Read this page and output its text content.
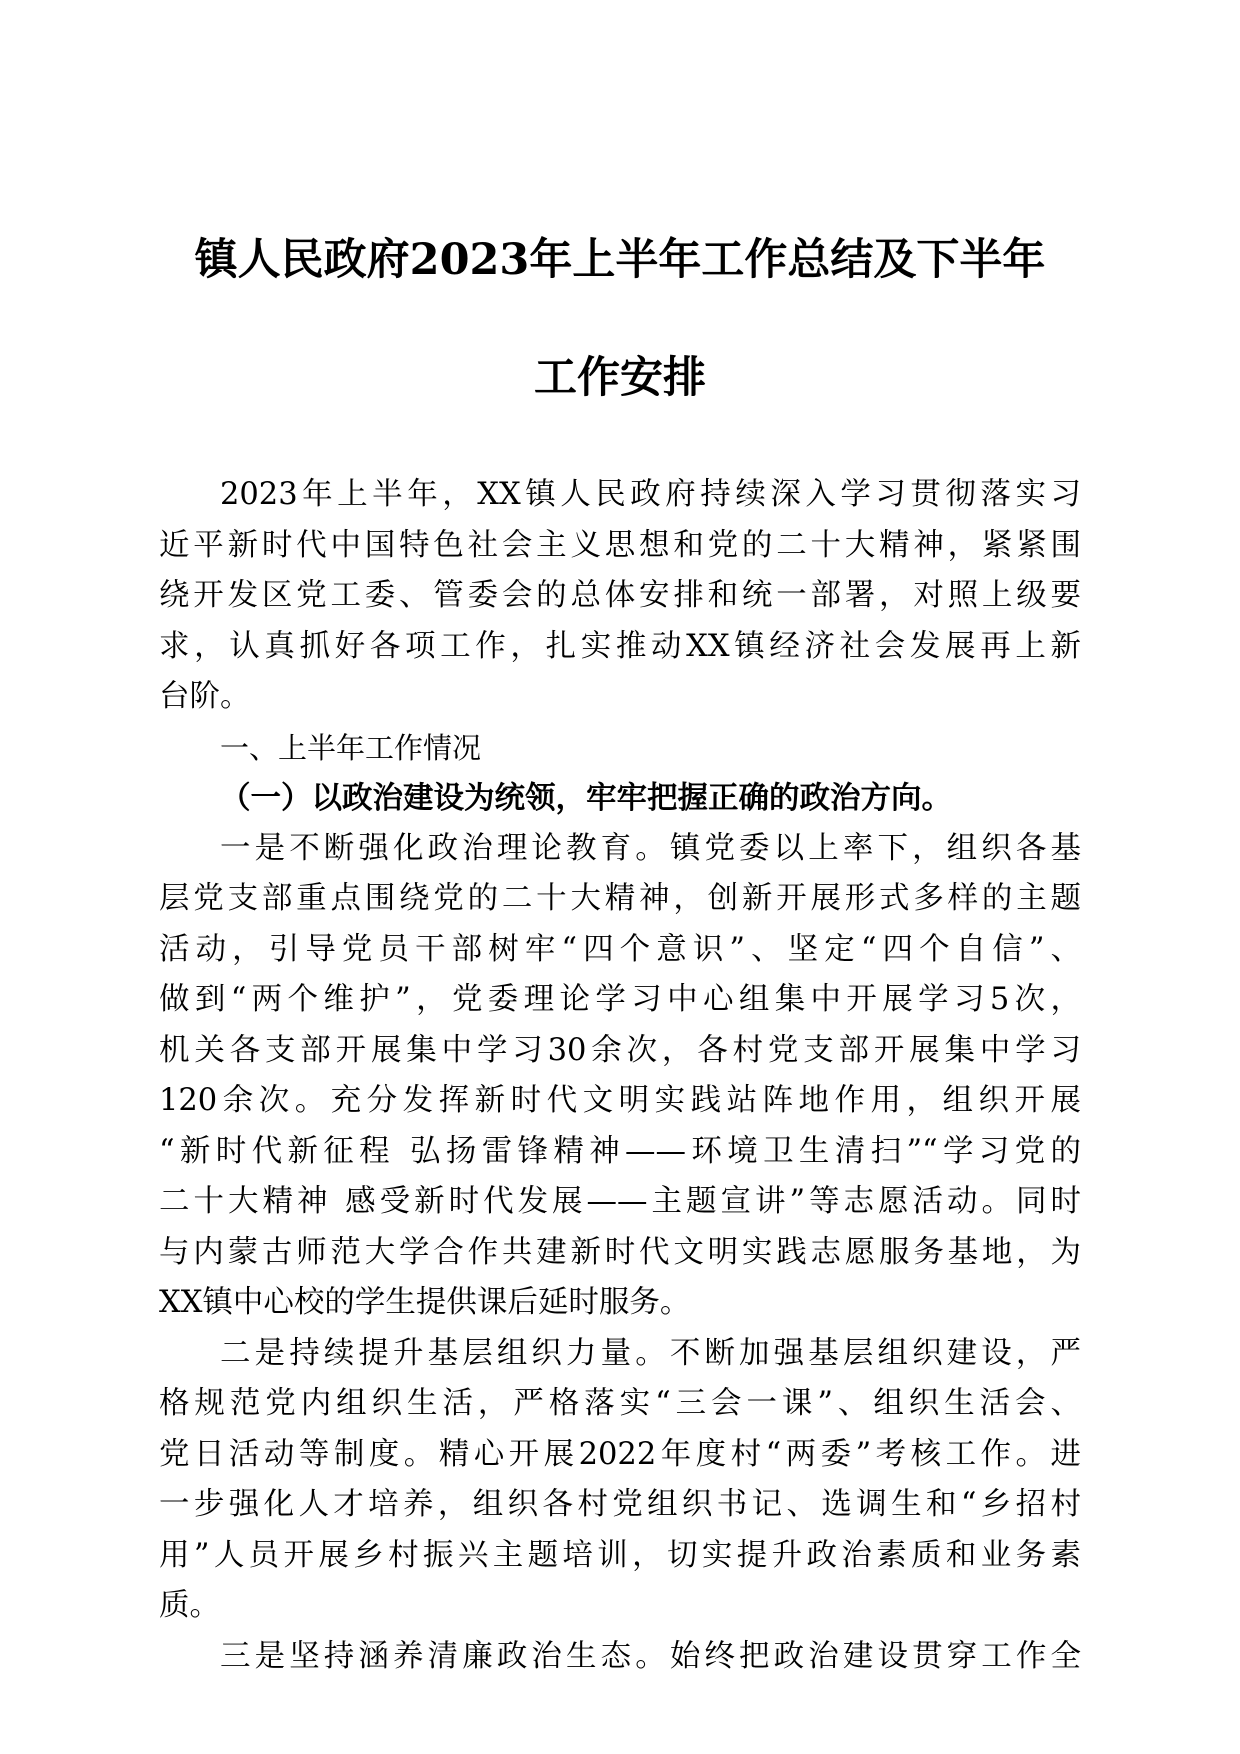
镇人民政府2023年上半年工作总结及下半年
工作安排
2023年上半年，XX镇人民政府持续深入学习贯彻落实习
近平新时代中国特色社会主义思想和党的二十大精神，紧紧围
绕开发区党工委、管委会的总体安排和统一部署，对照上级要
求，认真抓好各项工作，扎实推动XX镇经济社会发展再上新
台阶。
一、上半年工作情况
（一）以政治建设为统领，牢牢把握正确的政治方向。
一是不断强化政治理论教育。镇党委以上率下，组织各基
层党支部重点围绕党的二十大精神，创新开展形式多样的主题
活动，引导党员干部树牢“四个意识”、坚定“四个自信”、
做到“两个维护”，党委理论学习中心组集中开展学习5次，
机关各支部开展集中学习30余次，各村党支部开展集中学习
120余次。充分发挥新时代文明实践站阵地作用，组织开展
“新时代新征程 弘扬雷锋精神——环境卫生清扫”“学习党的
二十大精神 感受新时代发展——主题宣讲”等志愿活动。同时
与内蒙古师范大学合作共建新时代文明实践志愿服务基地，为
XX镇中心校的学生提供课后延时服务。
二是持续提升基层组织力量。不断加强基层组织建设，严
格规范党内组织生活，严格落实“三会一课”、组织生活会、
党日活动等制度。精心开展2022年度村“两委”考核工作。进
一步强化人才培养，组织各村党组织书记、选调生和“乡招村
用”人员开展乡村振兴主题培训，切实提升政治素质和业务素
质。
三是坚持涵养清廉政治生态。始终把政治建设贯穿工作全
